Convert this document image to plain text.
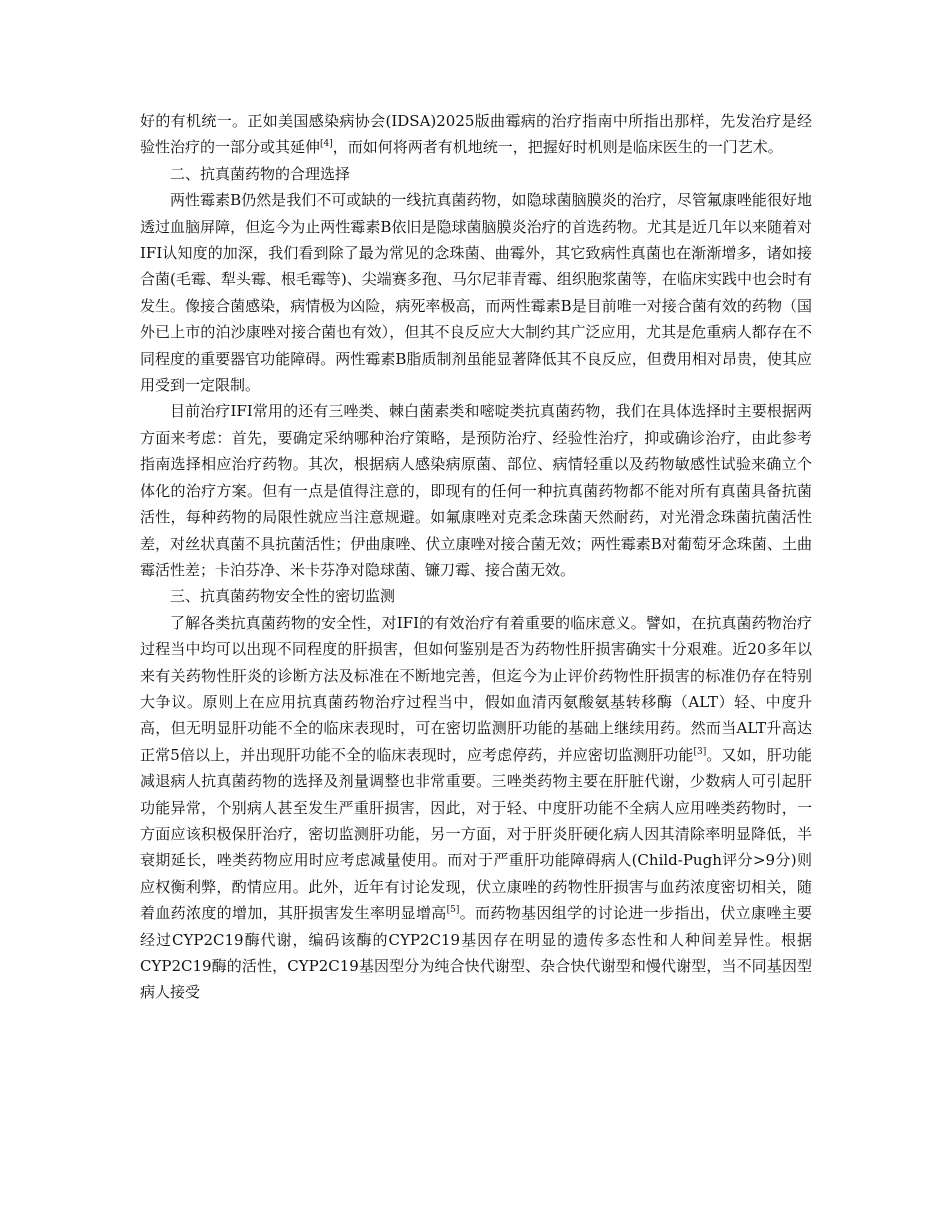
好的有机统一。正如美国感染病协会(IDSA)2025版曲霉病的治疗指南中所指出那样，先发治疗是经验性治疗的一部分或其延伸[4]，而如何将两者有机地统一，把握好时机则是临床医生的一门艺术。

二、抗真菌药物的合理选择

两性霉素B仍然是我们不可或缺的一线抗真菌药物，如隐球菌脑膜炎的治疗，尽管氟康唑能很好地透过血脑屏障，但迄今为止两性霉素B依旧是隐球菌脑膜炎治疗的首选药物。尤其是近几年以来随着对IFI认知度的加深，我们看到除了最为常见的念珠菌、曲霉外，其它致病性真菌也在渐渐增多，诸如接合菌(毛霉、犁头霉、根毛霉等)、尖端赛多孢、马尔尼菲青霉、组织胞浆菌等，在临床实践中也会时有发生。像接合菌感染，病情极为凶险，病死率极高，而两性霉素B是目前唯一对接合菌有效的药物（国外已上市的泊沙康唑对接合菌也有效），但其不良反应大大制约其广泛应用，尤其是危重病人都存在不同程度的重要器官功能障碍。两性霉素B脂质制剂虽能显著降低其不良反应，但费用相对昂贵，使其应用受到一定限制。

目前治疗IFI常用的还有三唑类、棘白菌素类和嘧啶类抗真菌药物，我们在具体选择时主要根据两方面来考虑：首先，要确定采纳哪种治疗策略，是预防治疗、经验性治疗，抑或确诊治疗，由此参考指南选择相应治疗药物。其次，根据病人感染病原菌、部位、病情轻重以及药物敏感性试验来确立个体化的治疗方案。但有一点是值得注意的，即现有的任何一种抗真菌药物都不能对所有真菌具备抗菌活性，每种药物的局限性就应当注意规避。如氟康唑对克柔念珠菌天然耐药，对光滑念珠菌抗菌活性差，对丝状真菌不具抗菌活性；伊曲康唑、伏立康唑对接合菌无效；两性霉素B对葡萄牙念珠菌、土曲霉活性差；卡泊芬净、米卡芬净对隐球菌、镰刀霉、接合菌无效。

三、抗真菌药物安全性的密切监测

了解各类抗真菌药物的安全性，对IFI的有效治疗有着重要的临床意义。譬如，在抗真菌药物治疗过程当中均可以出现不同程度的肝损害，但如何鉴别是否为药物性肝损害确实十分艰难。近20多年以来有关药物性肝炎的诊断方法及标准在不断地完善，但迄今为止评价药物性肝损害的标准仍存在特别大争议。原则上在应用抗真菌药物治疗过程当中，假如血清丙氨酸氨基转移酶（ALT）轻、中度升高，但无明显肝功能不全的临床表现时，可在密切监测肝功能的基础上继续用药。然而当ALT升高达正常5倍以上，并出现肝功能不全的临床表现时，应考虑停药，并应密切监测肝功能[3]。又如，肝功能减退病人抗真菌药物的选择及剂量调整也非常重要。三唑类药物主要在肝脏代谢，少数病人可引起肝功能异常，个别病人甚至发生严重肝损害，因此，对于轻、中度肝功能不全病人应用唑类药物时，一方面应该积极保肝治疗，密切监测肝功能，另一方面，对于肝炎肝硬化病人因其清除率明显降低，半衰期延长，唑类药物应用时应考虑减量使用。而对于严重肝功能障碍病人(Child-Pugh评分>9分)则应权衡利弊，酌情应用。此外，近年有讨论发现，伏立康唑的药物性肝损害与血药浓度密切相关，随着血药浓度的增加，其肝损害发生率明显增高[5]。而药物基因组学的讨论进一步指出，伏立康唑主要经过CYP2C19酶代谢，编码该酶的CYP2C19基因存在明显的遗传多态性和人种间差异性。根据CYP2C19酶的活性，CYP2C19基因型分为纯合快代谢型、杂合快代谢型和慢代谢型，当不同基因型病人接受
